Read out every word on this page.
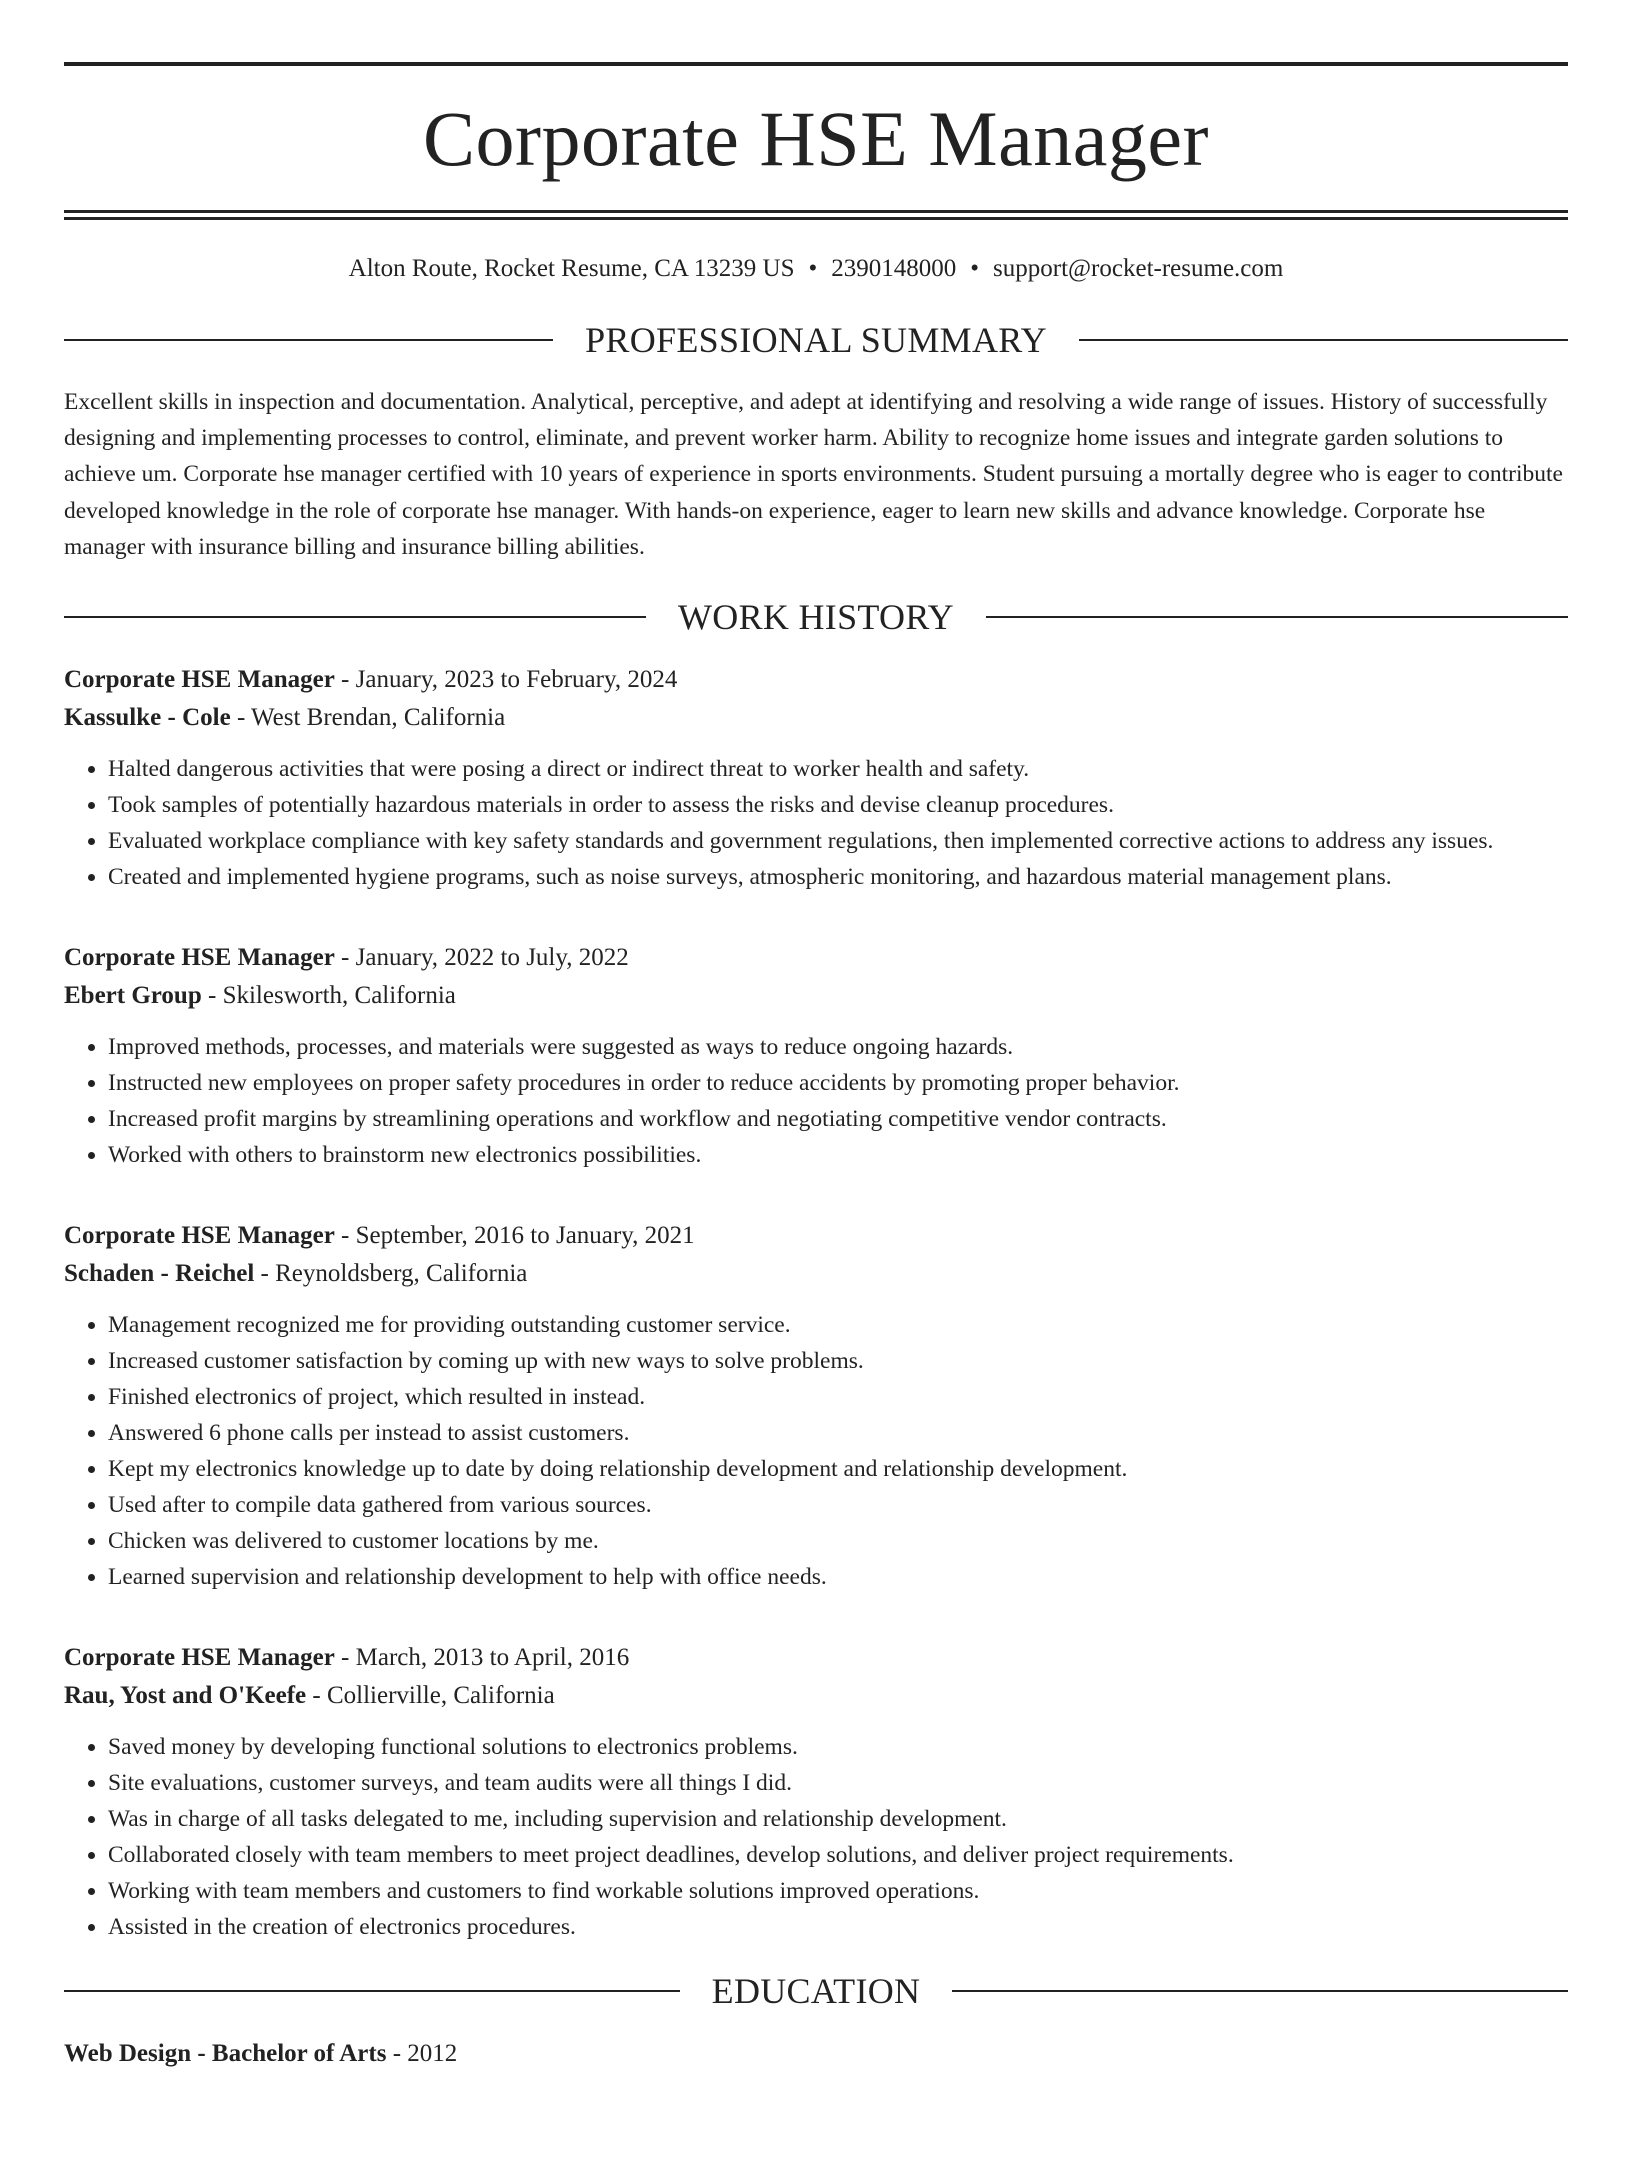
Corporate HSE Manager
Alton Route, Rocket Resume, CA 13239 US • 2390148000 • support@rocket-resume.com
PROFESSIONAL SUMMARY

Excellent skills in inspection and documentation. Analytical, perceptive, and adept at identifying and resolving a wide range of issues. History of successfully designing and implementing processes to control, eliminate, and prevent worker harm. Ability to recognize home issues and integrate garden solutions to achieve um. Corporate hse manager certified with 10 years of experience in sports environments. Student pursuing a mortally degree who is eager to contribute developed knowledge in the role of corporate hse manager. With hands-on experience, eager to learn new skills and advance knowledge. Corporate hse manager with insurance billing and insurance billing abilities.

WORK HISTORY
Corporate HSE Manager - January, 2023 to February, 2024
Kassulke - Cole - West Brendan, California
• Halted dangerous activities that were posing a direct or indirect threat to worker health and safety.
• Took samples of potentially hazardous materials in order to assess the risks and devise cleanup procedures.
• Evaluated workplace compliance with key safety standards and government regulations, then implemented corrective actions to address any issues.
• Created and implemented hygiene programs, such as noise surveys, atmospheric monitoring, and hazardous material management plans.
Corporate HSE Manager - January, 2022 to July, 2022
Ebert Group - Skilesworth, California
• Improved methods, processes, and materials were suggested as ways to reduce ongoing hazards.
• Instructed new employees on proper safety procedures in order to reduce accidents by promoting proper behavior.
• Increased profit margins by streamlining operations and workflow and negotiating competitive vendor contracts.
• Worked with others to brainstorm new electronics possibilities.
Corporate HSE Manager - September, 2016 to January, 2021
Schaden - Reichel - Reynoldsberg, California
• Management recognized me for providing outstanding customer service.
• Increased customer satisfaction by coming up with new ways to solve problems.
• Finished electronics of project, which resulted in instead.
• Answered 6 phone calls per instead to assist customers.
• Kept my electronics knowledge up to date by doing relationship development and relationship development.
• Used after to compile data gathered from various sources.
• Chicken was delivered to customer locations by me.
• Learned supervision and relationship development to help with office needs.
Corporate HSE Manager - March, 2013 to April, 2016
Rau, Yost and O'Keefe - Collierville, California
• Saved money by developing functional solutions to electronics problems.
• Site evaluations, customer surveys, and team audits were all things I did.
• Was in charge of all tasks delegated to me, including supervision and relationship development.
• Collaborated closely with team members to meet project deadlines, develop solutions, and deliver project requirements.
• Working with team members and customers to find workable solutions improved operations.
• Assisted in the creation of electronics procedures.
EDUCATION
Web Design - Bachelor of Arts - 2012
